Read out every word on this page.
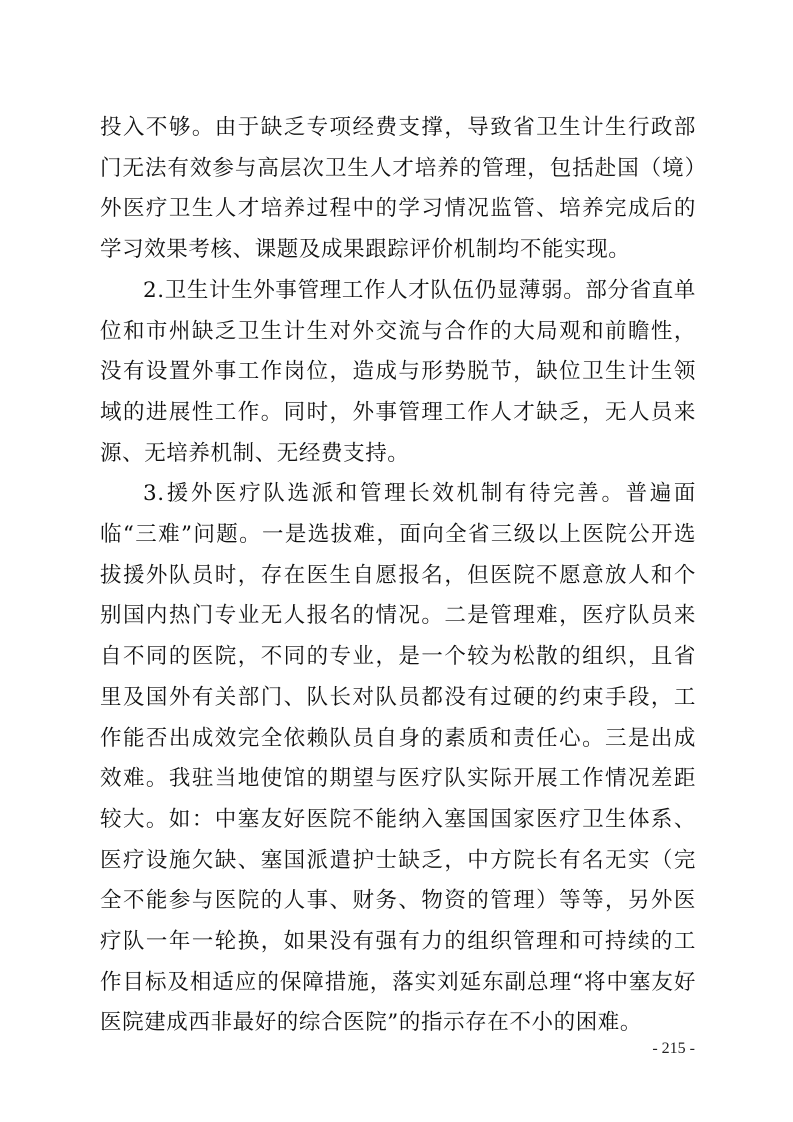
投入不够。由于缺乏专项经费支撑，导致省卫生计生行政部门无法有效参与高层次卫生人才培养的管理，包括赴国（境）外医疗卫生人才培养过程中的学习情况监管、培养完成后的学习效果考核、课题及成果跟踪评价机制均不能实现。

2.卫生计生外事管理工作人才队伍仍显薄弱。部分省直单位和市州缺乏卫生计生对外交流与合作的大局观和前瞻性，没有设置外事工作岗位，造成与形势脱节，缺位卫生计生领域的进展性工作。同时，外事管理工作人才缺乏，无人员来源、无培养机制、无经费支持。

3.援外医疗队选派和管理长效机制有待完善。普遍面临“三难”问题。一是选拔难，面向全省三级以上医院公开选拔援外队员时，存在医生自愿报名，但医院不愿意放人和个别国内热门专业无人报名的情况。二是管理难，医疗队员来自不同的医院，不同的专业，是一个较为松散的组织，且省里及国外有关部门、队长对队员都没有过硬的约束手段，工作能否出成效完全依赖队员自身的素质和责任心。三是出成效难。我驻当地使馆的期望与医疗队实际开展工作情况差距较大。如：中塞友好医院不能纳入塞国国家医疗卫生体系、医疗设施欠缺、塞国派遣护士缺乏，中方院长有名无实（完全不能参与医院的人事、财务、物资的管理）等等，另外医疗队一年一轮换，如果没有强有力的组织管理和可持续的工作目标及相适应的保障措施，落实刘延东副总理“将中塞友好医院建成西非最好的综合医院”的指示存在不小的困难。

- 215 -
